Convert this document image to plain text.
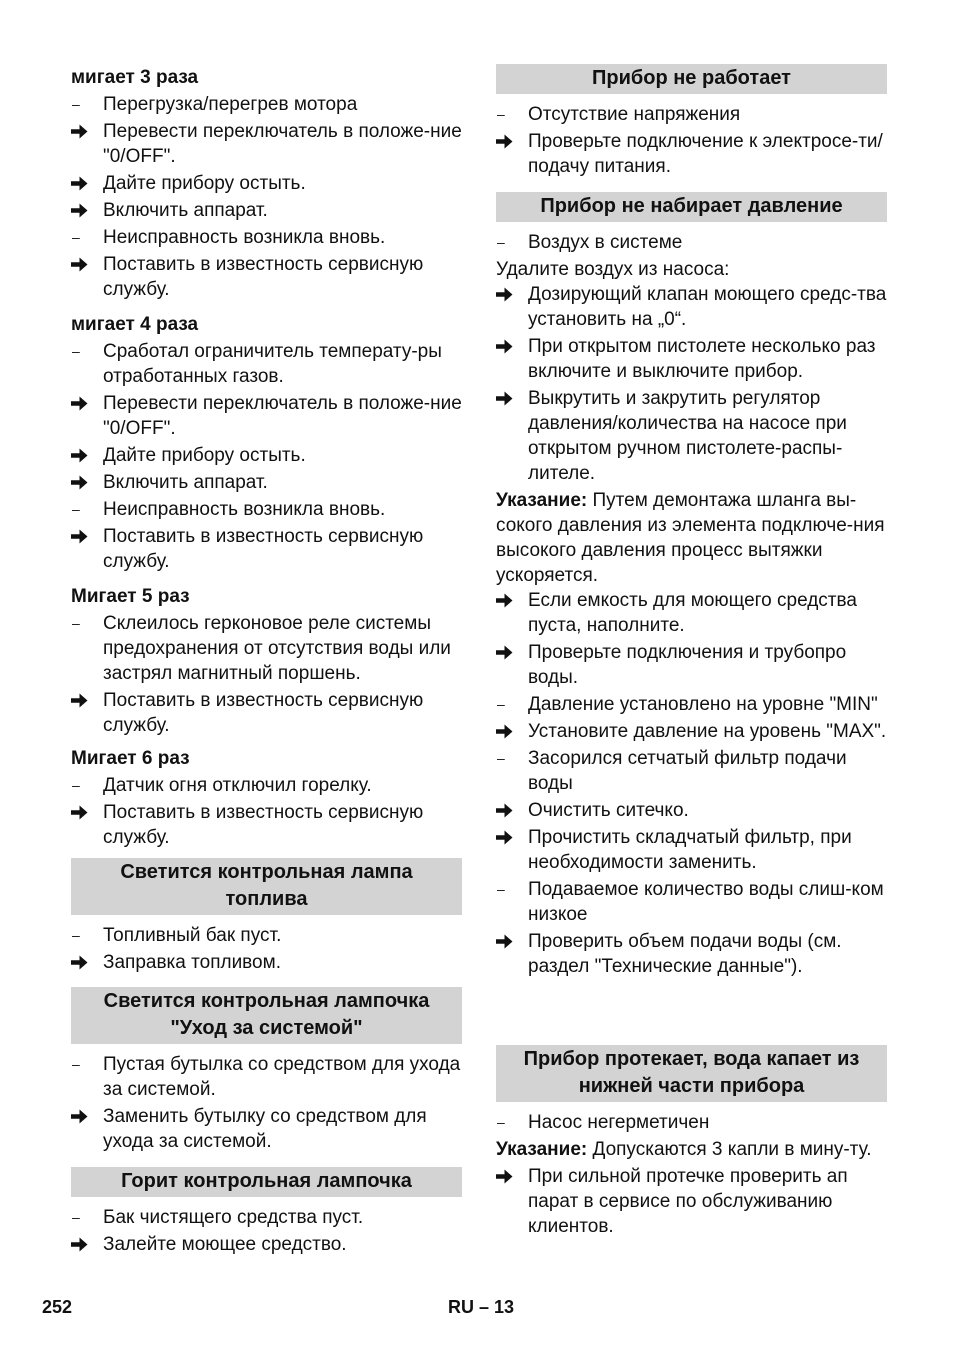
мигает 3 раза
–	Перегрузка/перегрев мотора
Перевести переключатель в положе-ние "0/OFF".
Дайте прибору остыть.
Включить аппарат.
–	Неисправность возникла вновь.
Поставить в известность сервисную службу.
мигает 4 раза
–	Сработал ограничитель температу-ры отработанных газов.
Перевести переключатель в положе-ние "0/OFF".
Дайте прибору остыть.
Включить аппарат.
–	Неисправность возникла вновь.
Поставить в известность сервисную службу.
Мигает 5 раз
–	Склеилось герконовое реле системы предохранения от отсутствия воды или застрял магнитный поршень.
Поставить в известность сервисную службу.
Мигает 6 раз
–	Датчик огня отключил горелку.
Поставить в известность сервисную службу.
Светится контрольная лампа топлива
–	Топливный бак пуст.
Заправка топливом.
Светится контрольная лампочка "Уход за системой"
–	Пустая бутылка со средством для ухода за системой.
Заменить бутылку со средством для ухода за системой.
Горит контрольная лампочка
–	Бак чистящего средства пуст.
Залейте моющее средство.
Прибор не работает
–	Отсутствие напряжения
Проверьте подключение к электросе-ти/подачу питания.
Прибор не набирает давление
–	Воздух в системе
Удалите воздух из насоса:
Дозирующий клапан моющего средс-тва установить на „0“.
При открытом пистолете несколько раз включите и выключите прибор.
Выкрутить и закрутить регулятор давления/количества на насосе при открытом ручном пистолете-распы-лителе.
Указание: Путем демонтажа шланга вы-сокого давления из элемента подключе-ния высокого давления процесс вытяжки ускоряется.
Если емкость для моющего средства пуста, наполните.
Проверьте подключения и трубопро воды.
–	Давление установлено на уровне "MIN"
Установите давление на уровень "MAX".
–	Засорился сетчатый фильтр подачи воды
Очистить ситечко.
Прочистить складчатый фильтр, при необходимости заменить.
–	Подаваемое количество воды слиш-ком низкое
Проверить объем подачи воды (см. раздел "Технические данные").
Прибор протекает, вода капает из нижней части прибора
–	Насос негерметичен
Указание: Допускаются 3 капли в мину-ту.
При сильной протечке проверить ап парат в сервисе по обслуживанию клиентов.
252	RU – 13
